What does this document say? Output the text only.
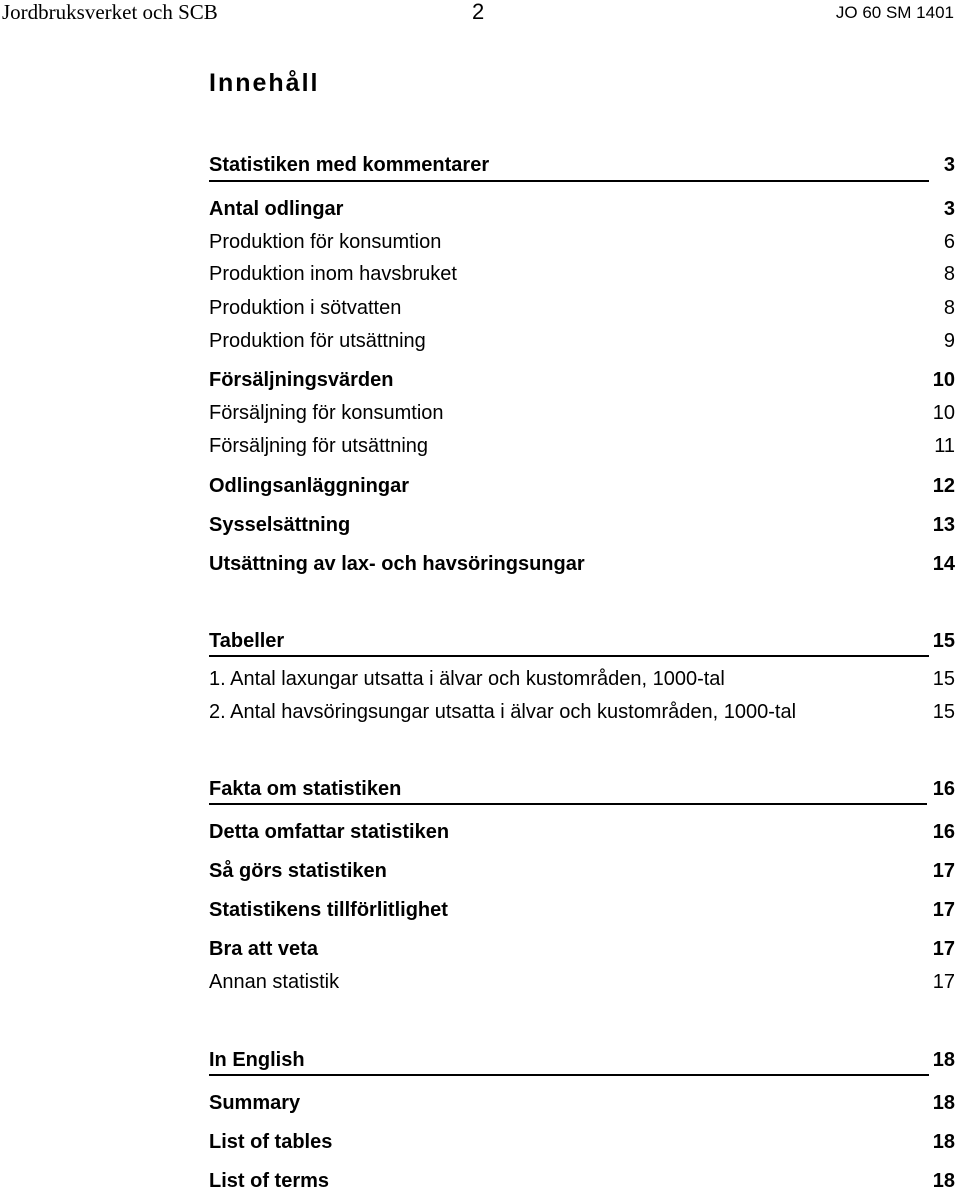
Jordbruksverket och SCB	2	JO 60 SM 1401
Innehåll
Statistiken med kommentarer	3
Antal odlingar	3
Produktion för konsumtion	6
Produktion inom havsbruket	8
Produktion i sötvatten	8
Produktion för utsättning	9
Försäljningsvärden	10
Försäljning för konsumtion	10
Försäljning för utsättning	11
Odlingsanläggningar	12
Sysselsättning	13
Utsättning av lax- och havsöringsungar	14
Tabeller	15
1. Antal laxungar utsatta i älvar och kustområden, 1000-tal	15
2. Antal havsöringsungar utsatta i älvar och kustområden, 1000-tal	15
Fakta om statistiken	16
Detta omfattar statistiken	16
Så görs statistiken	17
Statistikens tillförlitlighet	17
Bra att veta	17
Annan statistik	17
In English	18
Summary	18
List of tables	18
List of terms	18
